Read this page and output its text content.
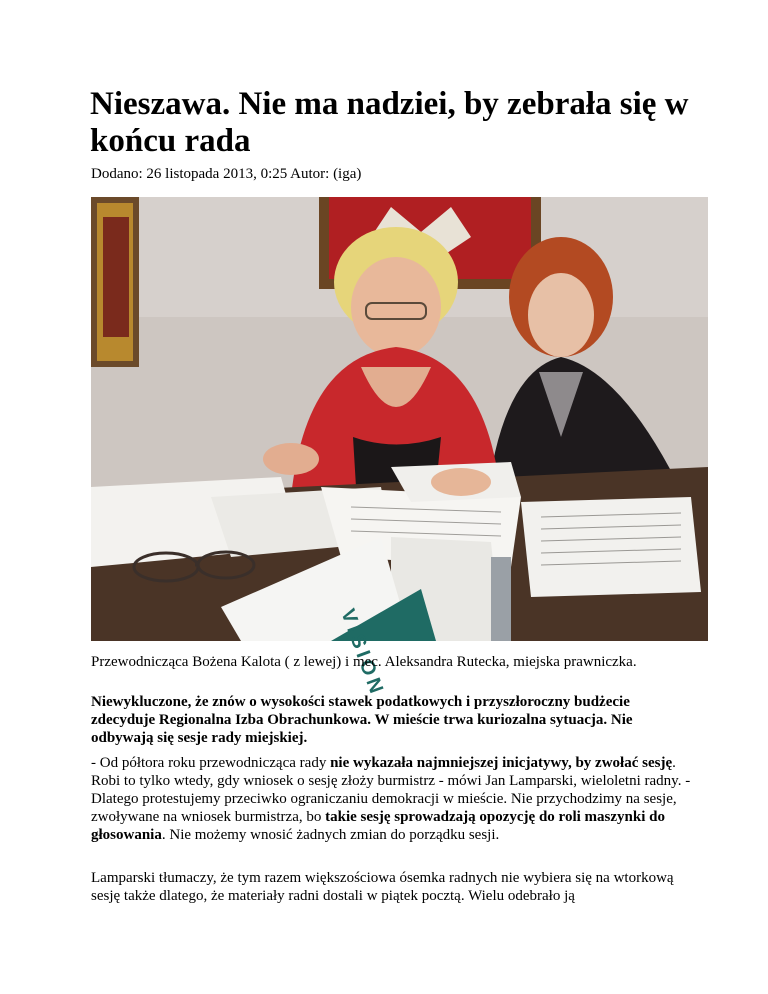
Nieszawa. Nie ma nadziei, by zebrała się w końcu rada

Dodano: 26 listopada 2013, 0:25 Autor: (iga)

VISION

Przewodnicząca Bożena Kalota ( z lewej) i mec. Aleksandra Rutecka, miejska prawniczka.

Niewykluczone, że znów o wysokości stawek podatkowych i przyszłoroczny budżecie zdecyduje Regionalna Izba Obrachunkowa. W mieście trwa kuriozalna sytuacja. Nie odbywają się sesje rady miejskiej.

- Od półtora roku przewodnicząca rady nie wykazała najmniejszej inicjatywy, by zwołać sesję. Robi to tylko wtedy, gdy wniosek o sesję złoży burmistrz - mówi Jan Lamparski, wieloletni radny. - Dlatego protestujemy przeciwko ograniczaniu demokracji w mieście. Nie przychodzimy na sesje, zwoływane na wniosek burmistrza, bo takie sesję sprowadzają opozycję do roli maszynki do głosowania. Nie możemy wnosić żadnych zmian do porządku sesji.

Lamparski tłumaczy, że tym razem większościowa ósemka radnych nie wybiera się na wtorkową sesję także dlatego, że materiały radni dostali w piątek pocztą. Wielu odebrało ją
